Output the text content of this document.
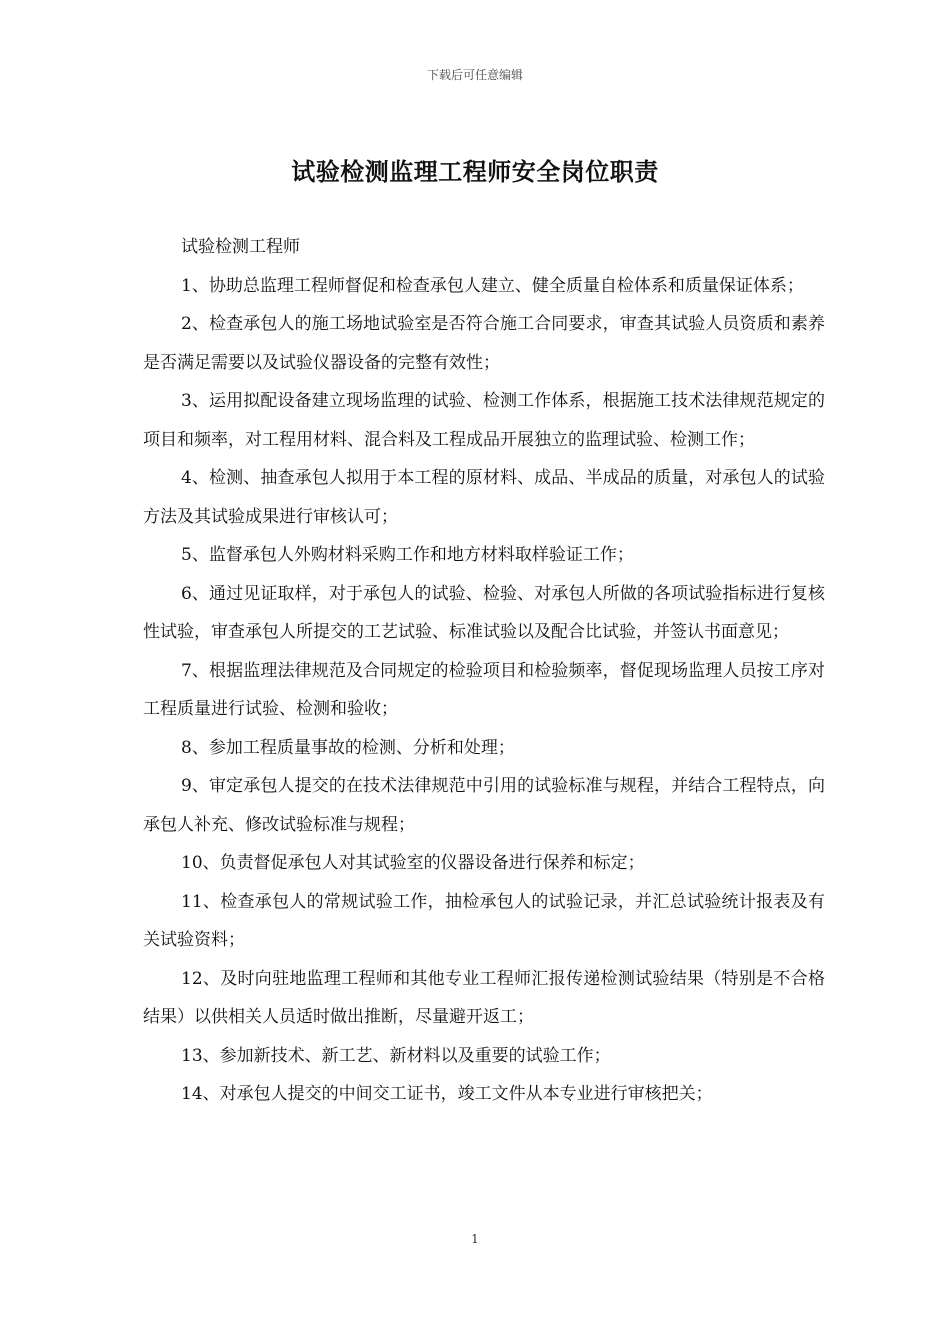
下载后可任意编辑
试验检测监理工程师安全岗位职责

试验检测工程师

1、协助总监理工程师督促和检查承包人建立、健全质量自检体系和质量保证体系；

2、检查承包人的施工场地试验室是否符合施工合同要求，审查其试验人员资质和素养是否满足需要以及试验仪器设备的完整有效性；

3、运用拟配设备建立现场监理的试验、检测工作体系，根据施工技术法律规范规定的项目和频率，对工程用材料、混合料及工程成品开展独立的监理试验、检测工作；

4、检测、抽查承包人拟用于本工程的原材料、成品、半成品的质量，对承包人的试验方法及其试验成果进行审核认可；

5、监督承包人外购材料采购工作和地方材料取样验证工作；

6、通过见证取样，对于承包人的试验、检验、对承包人所做的各项试验指标进行复核性试验，审查承包人所提交的工艺试验、标准试验以及配合比试验，并签认书面意见；

7、根据监理法律规范及合同规定的检验项目和检验频率，督促现场监理人员按工序对工程质量进行试验、检测和验收；

8、参加工程质量事故的检测、分析和处理；

9、审定承包人提交的在技术法律规范中引用的试验标准与规程，并结合工程特点，向承包人补充、修改试验标准与规程；

10、负责督促承包人对其试验室的仪器设备进行保养和标定；

11、检查承包人的常规试验工作，抽检承包人的试验记录，并汇总试验统计报表及有关试验资料；

12、及时向驻地监理工程师和其他专业工程师汇报传递检测试验结果（特别是不合格结果）以供相关人员适时做出推断，尽量避开返工；

13、参加新技术、新工艺、新材料以及重要的试验工作；

14、对承包人提交的中间交工证书，竣工文件从本专业进行审核把关；

1
